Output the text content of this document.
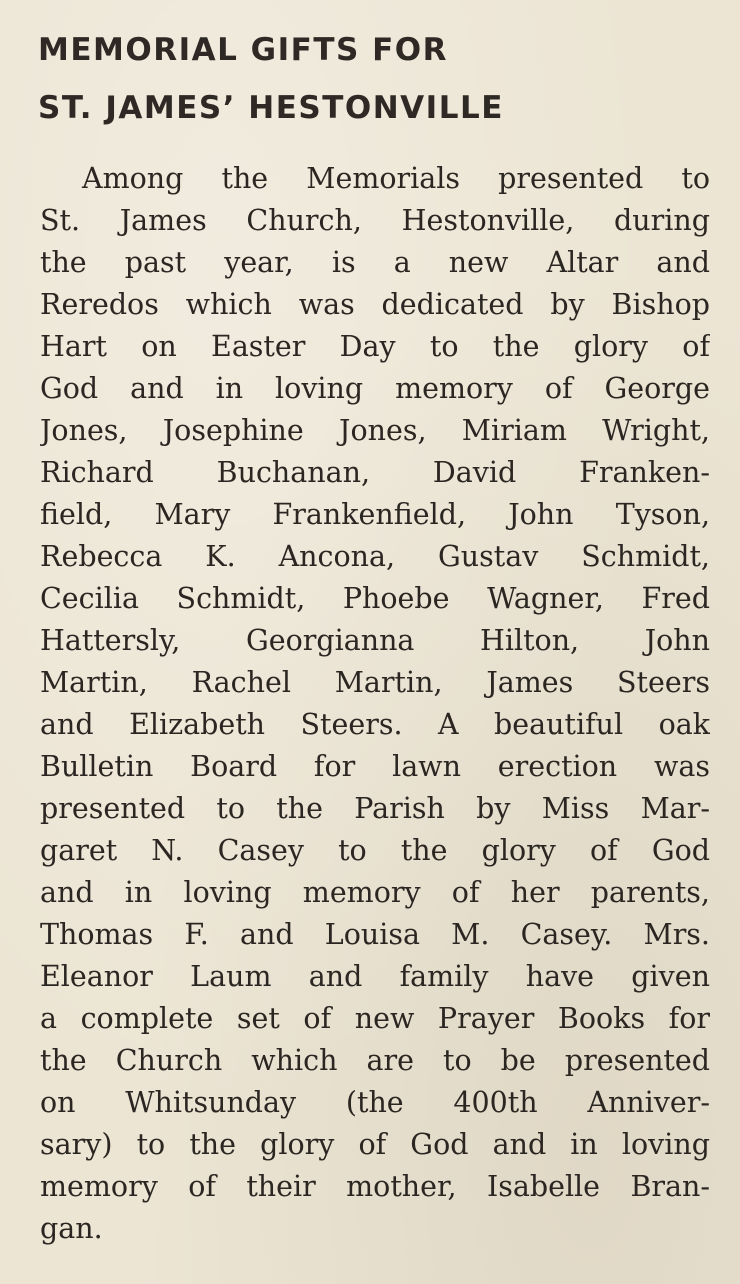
MEMORIAL GIFTS FOR
ST. JAMES’ HESTONVILLE
Among the Memorials presented to
St. James Church, Hestonville, during
the past year, is a new Altar and
Reredos which was dedicated by Bishop
Hart on Easter Day to the glory of
God and in loving memory of George
Jones, Josephine Jones, Miriam Wright,
Richard Buchanan, David Franken-
field, Mary Frankenfield, John Tyson,
Rebecca K. Ancona, Gustav Schmidt,
Cecilia Schmidt, Phoebe Wagner, Fred
Hattersly, Georgianna Hilton, John
Martin, Rachel Martin, James Steers
and Elizabeth Steers. A beautiful oak
Bulletin Board for lawn erection was
presented to the Parish by Miss Mar-
garet N. Casey to the glory of God
and in loving memory of her parents,
Thomas F. and Louisa M. Casey. Mrs.
Eleanor Laum and family have given
a complete set of new Prayer Books for
the Church which are to be presented
on Whitsunday (the 400th Anniver-
sary) to the glory of God and in loving
memory of their mother, Isabelle Bran-
gan.
